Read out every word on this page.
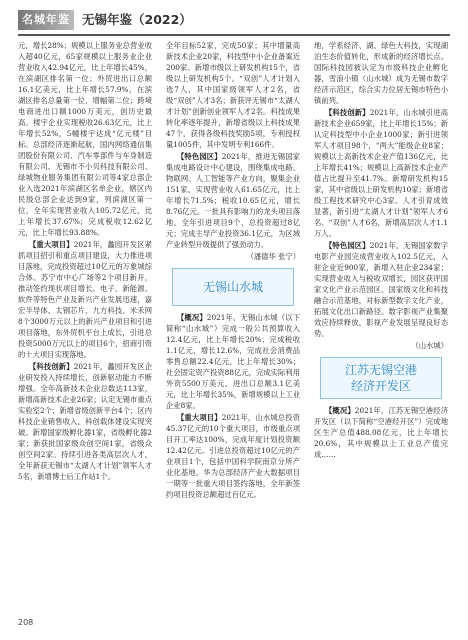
名城年鉴 无锡年鉴（2022）

元，增长28%；规模以上服务业总营业收入超40亿元，65家规模以上服务业企业营业收入42.94亿元，比上年增长45%，在滨湖区排名第一位；外贸进出口总额16.1亿美元，比上年增长57.9%，在滨湖区排名总量第一位，增幅第二位；跨境电商进出口额1000万美元，创历史最高。楼宇企业实现税收26.63亿元，比上年增长52%，5幢楼宇达成“亿元楼”目标。总部经济逐渐起航，国内网络通信集团股份有限公司、汽车零部件与车身制造有限公司、无锡市不小贝科技有限公司、绿城物业服务集团有限公司等4家总部企业入选2021年滨湖区名单企业，辖区内民级总部企业达到9家，列滨湖区第一位，全年实现营业收入105.72亿元，比上年增长37.67%；完成税收12.62亿元，比上年增长93.88%。

【重大项目】2021年，蠡园开发区紧抓项目招引和重点项目建设，大力推进项目落地，完成投资超过10亿元的万象城综合体、苏宁市中心广场等2个项目新开，推动签约现状项目增长。电子、新能源、软件等特色产业及新兴产业发展迅速，嘉宏半导体、太钢芯片、九方科技、米禾网8个3000万元以上的新兴产业项目和引进项目落地，东外贸机平台上成长，引进总投资5000万元以上的项目6个，招商引资的十大项目实现落地。

【科技创新】2021年，蠡园开发区企业研发投入持续增长，创新驱动能力不断增强。全年高新技术企业总数达113家，新增高新技术企业26家；认定无锡市重点实验室2个；新增省级创新平台4个；区内科技企业销售收入，科创载体建设实现突破。新增国家级孵化器1家，省级孵化器2家；新获批国家级众创空间1家，省级众创空间2家。持续引进各类高层次人才，全年新获无锡市“太湖人才计划”领军人才5名，新增博士后工作站1个。

全年目标52家，完成50家；其中增量高新技术企业20家，科技型中小企业备案近200家。新增市级以上研发机构15个，省级以上研发机构5个。“双创”人才计划入选7人，其中国家级领军人才2名，省级“双创”人才3名；新获评无锡市“太湖人才计划”创新创业领军人才2名。科技成果转化率逐年提升，新增省级以上科技成果47个，获得各级科技奖励5项，专利授权量1005件，其中发明专利166件。

【特色园区】2021年，推进无锡国家集成电路设计中心建设，围绕集成电路、物联网、人工智能等产业方向，聚集企业151家，实现营业收入61.65亿元，比上年增长71.5%；税收10.65亿元，增长8.76亿元。一批具有影响力的龙头项目落地，全年引进项目9个，总投资超过8亿元；完成主导产业投资36.1亿元，为区域产业转型升级提供了强劲动力。

（潘德华 张宁）

无锡山水城

【概况】2021年，无锡山水城（以下简称“山水城”）完成一般公共预算收入12.4亿元，比上年增长20%；完成税收1.1亿元，增长12.6%，完成社会消费品零售总额22.4亿元，比上年增长30%；社会固定资产投资88亿元，完成实际利用外资5500万美元，进出口总额3.1亿美元，比上年增长35%，新增规模以上工业企业8家。

【重大项目】2021年，山水城总投资45.37亿元的10个重大项目，市级重点项目开工率达100%，完成年度计划投资额12.42亿元。引进总投资超过10亿元的产业项目1个，包括中国科学院南京分所产业化基地、华为总部经济产业大数据项目一期等一批重大项目签约落地，全年新签约项目投资总额超过百亿元。

地，学系经济、湖、绿色大科技，实现湖泊生态价值转化，形成新的经济增长点。国际科技园被认定为市级科技企业孵化器，雪浪小镇（山水城）成为无锡市数字经济示范区，综合实力位居无锡市特色小镇前列。

【科技创新】2021年，山水城引进高新技术企业659家，比上年增长15%；新认定科技型中小企业1000家；新引进领军人才项目98个，“两大”能级企业8家；规模以上高新技术企业产值136亿元，比上年增长41%；规模以上高新技术企业产值占比提升至41.7%。新增研发机构15家，其中省级以上研发机构10家；新增省级工程技术研究中心3家。人才引育成效显著，新引进“太湖人才计划”领军人才6名、“双创”人才6名，新增高层次人才1.1万人。

【特色园区】2021年，无锡国家数字电影产业园完成营业收入102.5亿元，入驻企业近900家，新增入驻企业234家；实现营业收入与税收双增长，园区获评国家文化产业示范园区、国家级文化和科技融合示范基地，对标新型数字文化产业，拓展文化出口新路径。数字影视产业集聚效应持续释放，影视产业发展呈现良好态势。

（山水城）

江苏无锡空港
经济开发区

【概况】2021年，江苏无锡空港经济开发区（以下简称“空港经开区”）完成地区生产总值488.08亿元，比上年增长20.6%，其中规模以上工业总产值完成……

208
